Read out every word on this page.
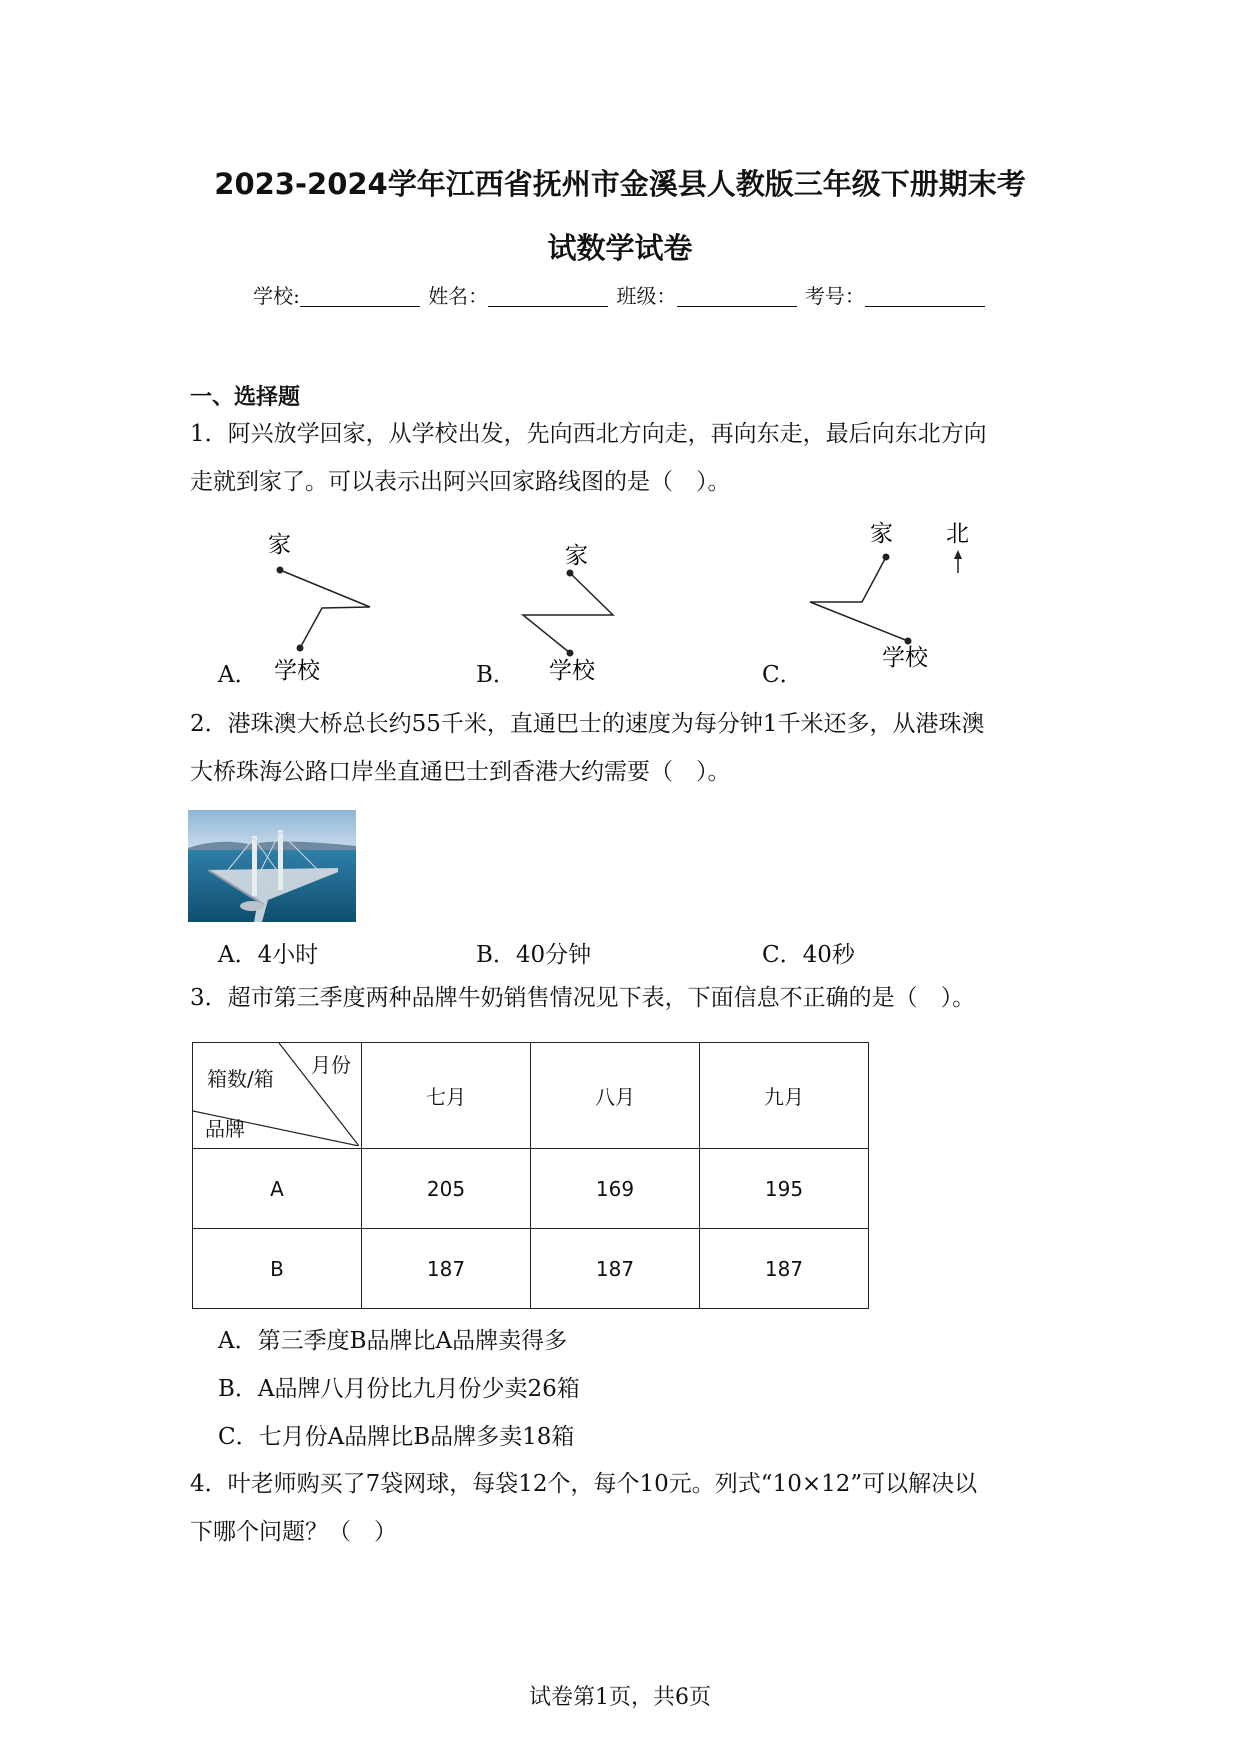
2023-2024学年江西省抚州市金溪县人教版三年级下册期末考
试数学试卷
学校:	姓名：	班级：	考号：
一、选择题
1．阿兴放学回家，从学校出发，先向西北方向走，再向东走，最后向东北方向
走就到家了。可以表示出阿兴回家路线图的是（　）。
A．
家
学校	B．
家
学校	C．
家
学校
北
2．港珠澳大桥总长约55千米，直通巴士的速度为每分钟1千米还多，从港珠澳
大桥珠海公路口岸坐直通巴士到香港大约需要（　）。
A．4小时	B．40分钟	C．40秒
3．超市第三季度两种品牌牛奶销售情况见下表，下面信息不正确的是（　）。
月份
箱数/箱
品牌	七月	八月	九月
A	205	169	195
B	187	187	187
A．第三季度B品牌比A品牌卖得多
B．A品牌八月份比九月份少卖26箱
C．七月份A品牌比B品牌多卖18箱
4．叶老师购买了7袋网球，每袋12个，每个10元。列式“10×12”可以解决以
下哪个问题？（　）
试卷第1页，共6页
